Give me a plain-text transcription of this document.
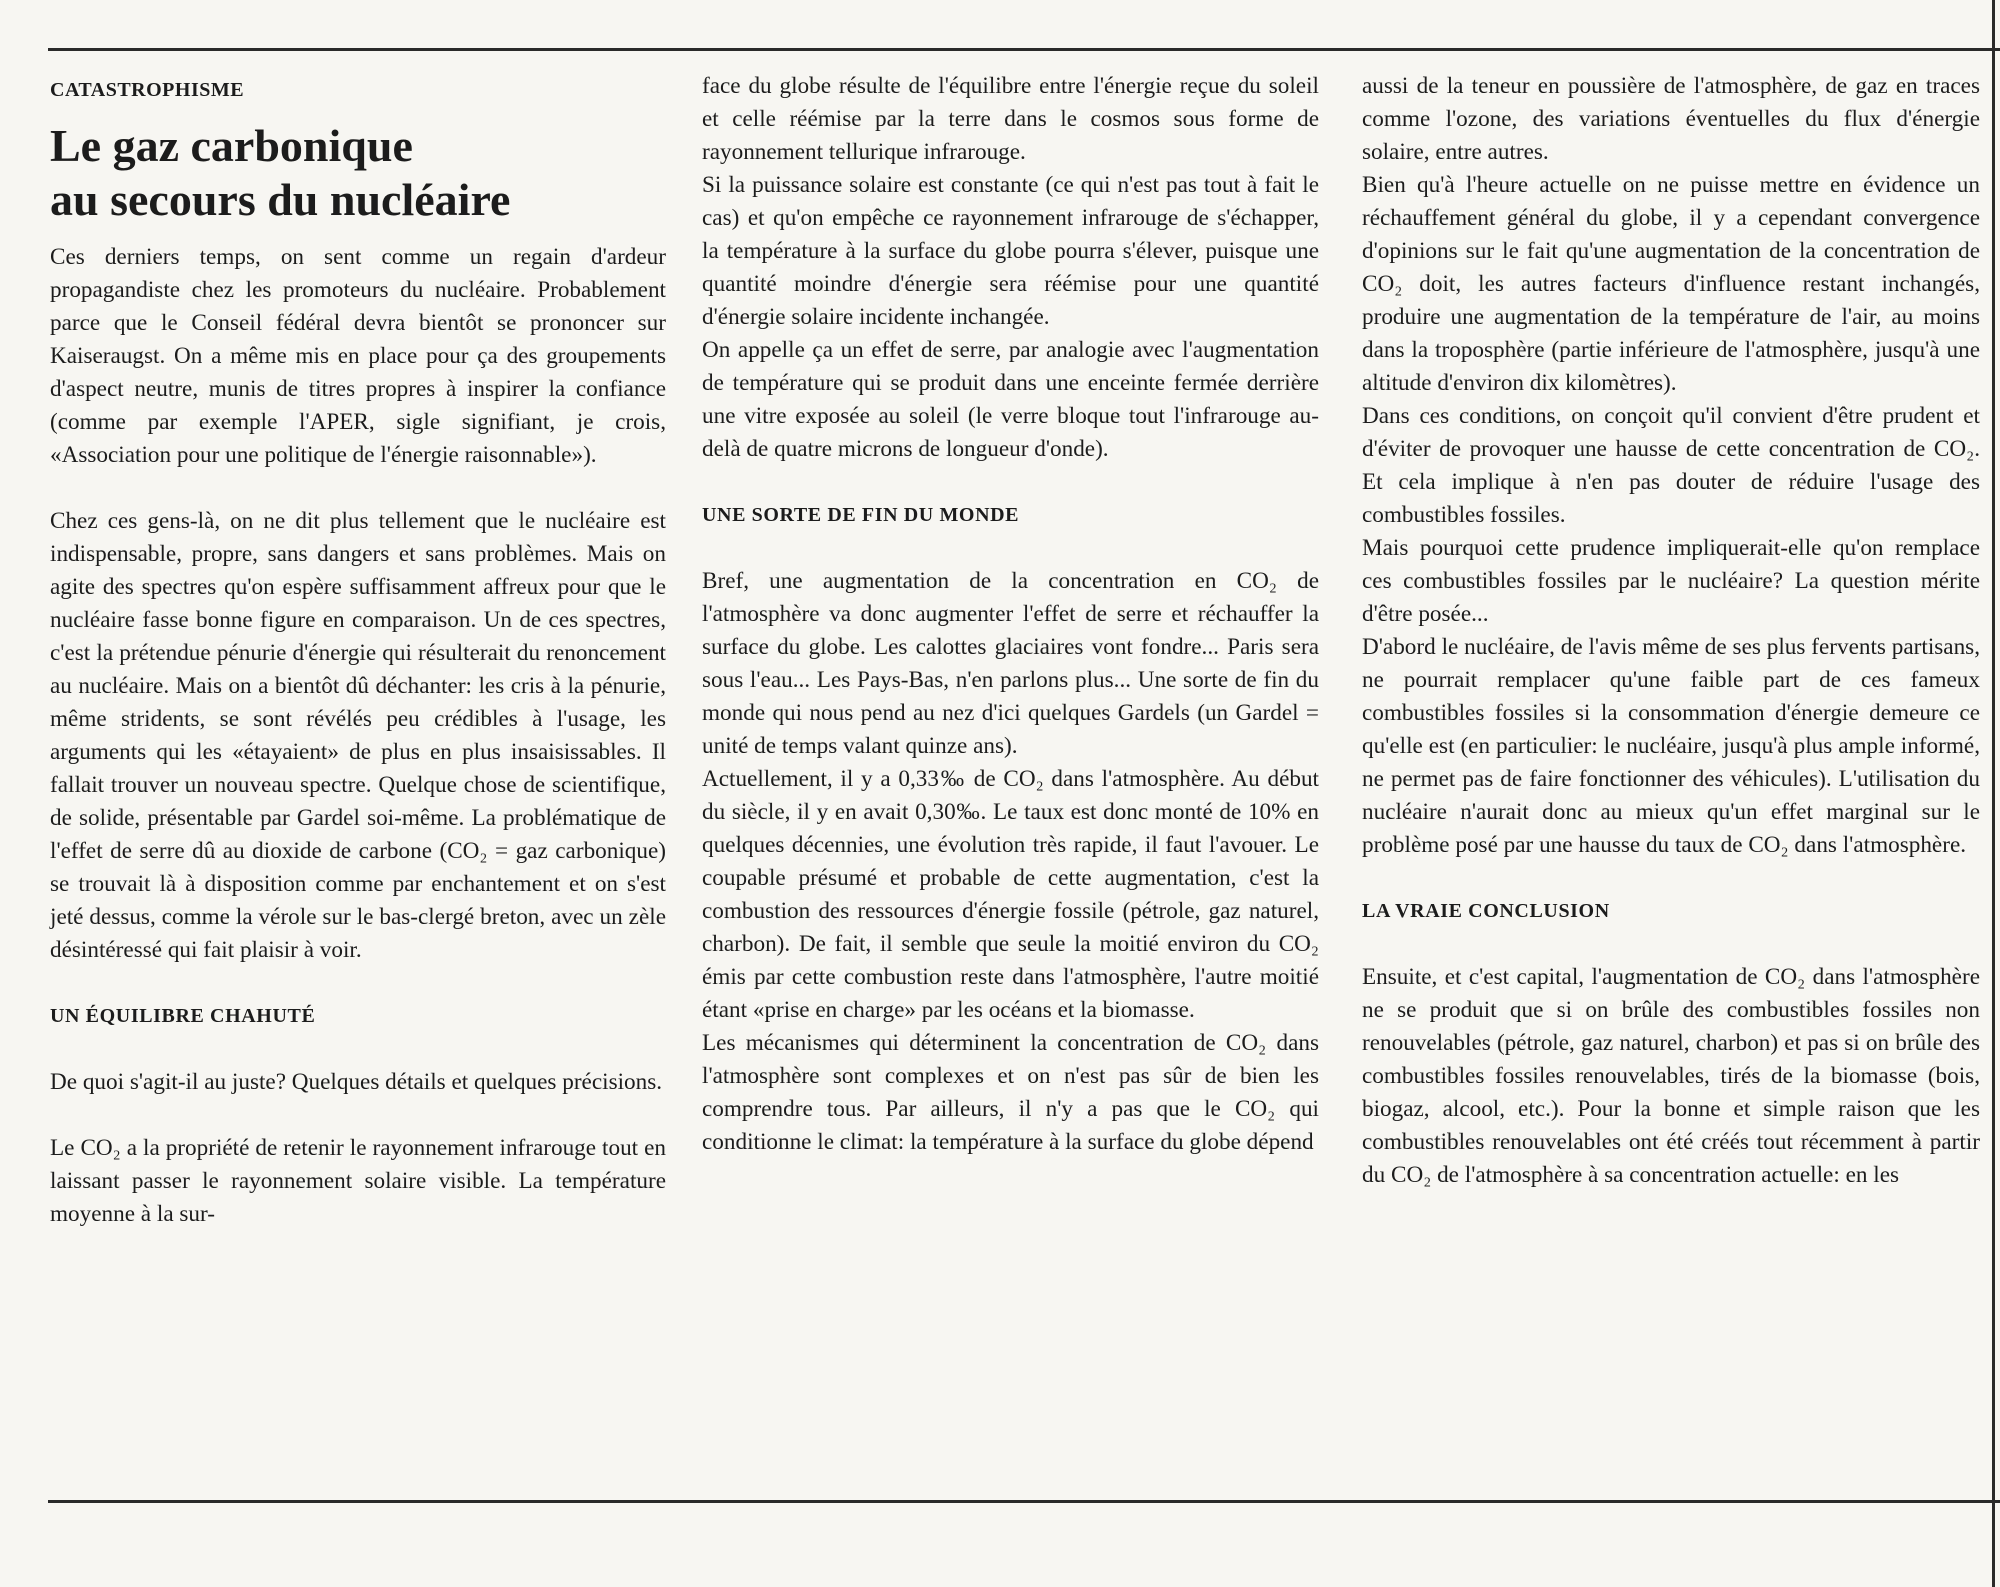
CATASTROPHISME
Le gaz carbonique
au secours du nucléaire

Ces derniers temps, on sent comme un regain d'ardeur propagandiste chez les promoteurs du nucléaire. Probablement parce que le Conseil fédéral devra bientôt se prononcer sur Kaiseraugst. On a même mis en place pour ça des groupements d'aspect neutre, munis de titres propres à inspirer la confiance (comme par exemple l'APER, sigle signifiant, je crois, «Association pour une politique de l'énergie raisonnable»).

Chez ces gens-là, on ne dit plus tellement que le nucléaire est indispensable, propre, sans dangers et sans problèmes. Mais on agite des spectres qu'on espère suffisamment affreux pour que le nucléaire fasse bonne figure en comparaison. Un de ces spectres, c'est la prétendue pénurie d'énergie qui résulterait du renoncement au nucléaire. Mais on a bientôt dû déchanter: les cris à la pénurie, même stridents, se sont révélés peu crédibles à l'usage, les arguments qui les «étayaient» de plus en plus insaisissables. Il fallait trouver un nouveau spectre. Quelque chose de scientifique, de solide, présentable par Gardel soi-même. La problématique de l'effet de serre dû au dioxide de carbone (CO₂ = gaz carbonique) se trouvait là à disposition comme par enchantement et on s'est jeté dessus, comme la vérole sur le bas-clergé breton, avec un zèle désintéressé qui fait plaisir à voir.

UN ÉQUILIBRE CHAHUTÉ

De quoi s'agit-il au juste? Quelques détails et quelques précisions.

Le CO₂ a la propriété de retenir le rayonnement infrarouge tout en laissant passer le rayonnement solaire visible. La température moyenne à la sur-

face du globe résulte de l'équilibre entre l'énergie reçue du soleil et celle réémise par la terre dans le cosmos sous forme de rayonnement tellurique infrarouge.

Si la puissance solaire est constante (ce qui n'est pas tout à fait le cas) et qu'on empêche ce rayonnement infrarouge de s'échapper, la température à la surface du globe pourra s'élever, puisque une quantité moindre d'énergie sera réémise pour une quantité d'énergie solaire incidente inchangée.

On appelle ça un effet de serre, par analogie avec l'augmentation de température qui se produit dans une enceinte fermée derrière une vitre exposée au soleil (le verre bloque tout l'infrarouge au-delà de quatre microns de longueur d'onde).

UNE SORTE DE FIN DU MONDE

Bref, une augmentation de la concentration en CO₂ de l'atmosphère va donc augmenter l'effet de serre et réchauffer la surface du globe. Les calottes glaciaires vont fondre... Paris sera sous l'eau... Les Pays-Bas, n'en parlons plus... Une sorte de fin du monde qui nous pend au nez d'ici quelques Gardels (un Gardel = unité de temps valant quinze ans).

Actuellement, il y a 0,33‰ de CO₂ dans l'atmosphère. Au début du siècle, il y en avait 0,30‰. Le taux est donc monté de 10% en quelques décennies, une évolution très rapide, il faut l'avouer. Le coupable présumé et probable de cette augmentation, c'est la combustion des ressources d'énergie fossile (pétrole, gaz naturel, charbon). De fait, il semble que seule la moitié environ du CO₂ émis par cette combustion reste dans l'atmosphère, l'autre moitié étant «prise en charge» par les océans et la biomasse.

Les mécanismes qui déterminent la concentration de CO₂ dans l'atmosphère sont complexes et on n'est pas sûr de bien les comprendre tous. Par ailleurs, il n'y a pas que le CO₂ qui conditionne le climat: la température à la surface du globe dépend

aussi de la teneur en poussière de l'atmosphère, de gaz en traces comme l'ozone, des variations éventuelles du flux d'énergie solaire, entre autres.

Bien qu'à l'heure actuelle on ne puisse mettre en évidence un réchauffement général du globe, il y a cependant convergence d'opinions sur le fait qu'une augmentation de la concentration de CO₂ doit, les autres facteurs d'influence restant inchangés, produire une augmentation de la température de l'air, au moins dans la troposphère (partie inférieure de l'atmosphère, jusqu'à une altitude d'environ dix kilomètres).

Dans ces conditions, on conçoit qu'il convient d'être prudent et d'éviter de provoquer une hausse de cette concentration de CO₂. Et cela implique à n'en pas douter de réduire l'usage des combustibles fossiles.

Mais pourquoi cette prudence impliquerait-elle qu'on remplace ces combustibles fossiles par le nucléaire? La question mérite d'être posée...

D'abord le nucléaire, de l'avis même de ses plus fervents partisans, ne pourrait remplacer qu'une faible part de ces fameux combustibles fossiles si la consommation d'énergie demeure ce qu'elle est (en particulier: le nucléaire, jusqu'à plus ample informé, ne permet pas de faire fonctionner des véhicules). L'utilisation du nucléaire n'aurait donc au mieux qu'un effet marginal sur le problème posé par une hausse du taux de CO₂ dans l'atmosphère.

LA VRAIE CONCLUSION

Ensuite, et c'est capital, l'augmentation de CO₂ dans l'atmosphère ne se produit que si on brûle des combustibles fossiles non renouvelables (pétrole, gaz naturel, charbon) et pas si on brûle des combustibles fossiles renouvelables, tirés de la biomasse (bois, biogaz, alcool, etc.). Pour la bonne et simple raison que les combustibles renouvelables ont été créés tout récemment à partir du CO₂ de l'atmosphère à sa concentration actuelle: en les
